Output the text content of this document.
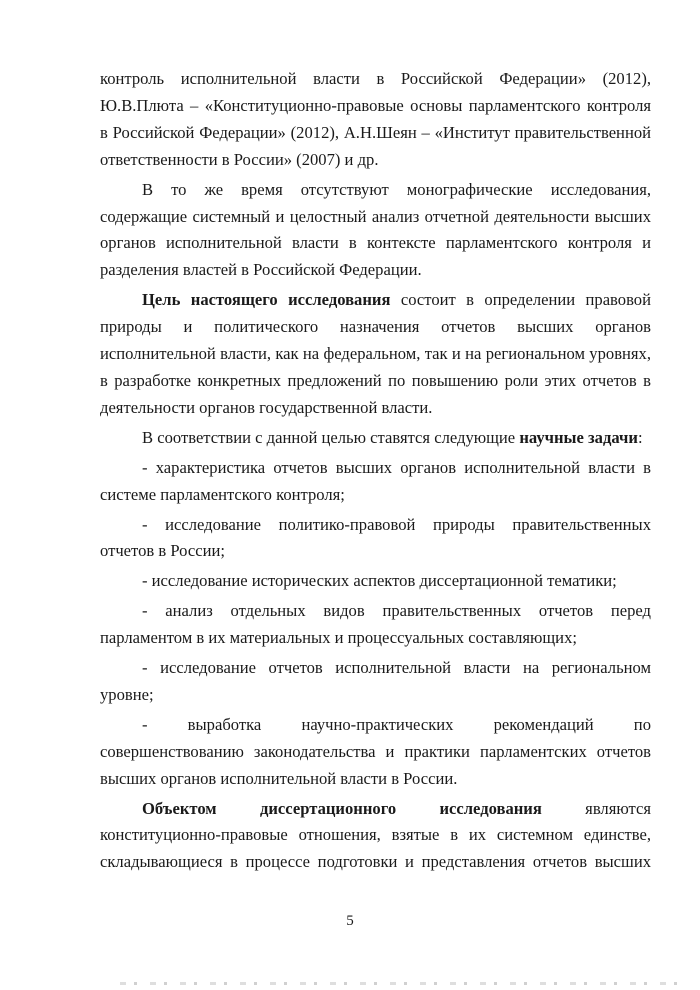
контроль исполнительной власти в Российской Федерации» (2012),
Ю.В.Плюта – «Конституционно-правовые основы парламентского контроля
в Российской Федерации» (2012), А.Н.Шеян – «Институт правительственной
ответственности в России» (2007) и др.
В то же время отсутствуют монографические исследования,
содержащие системный и целостный анализ отчетной деятельности высших
органов исполнительной власти в контексте парламентского контроля и
разделения властей в Российской Федерации.
Цель настоящего исследования состоит в определении правовой
природы и политического назначения отчетов высших органов
исполнительной власти, как на федеральном, так и на региональном уровнях,
в разработке конкретных предложений по повышению роли этих отчетов в
деятельности органов государственной власти.
В соответствии с данной целью ставятся следующие научные задачи:
- характеристика отчетов высших органов исполнительной власти в
системе парламентского контроля;
- исследование политико-правовой природы правительственных
отчетов в России;
- исследование исторических аспектов диссертационной тематики;
- анализ отдельных видов правительственных отчетов перед
парламентом в их материальных и процессуальных составляющих;
- исследование отчетов исполнительной власти на региональном
уровне;
- выработка научно-практических рекомендаций по
совершенствованию законодательства и практики парламентских отчетов
высших органов исполнительной власти в России.
Объектом диссертационного исследования являются
конституционно-правовые отношения, взятые в их системном единстве,
складывающиеся в процессе подготовки и представления отчетов высших
5
